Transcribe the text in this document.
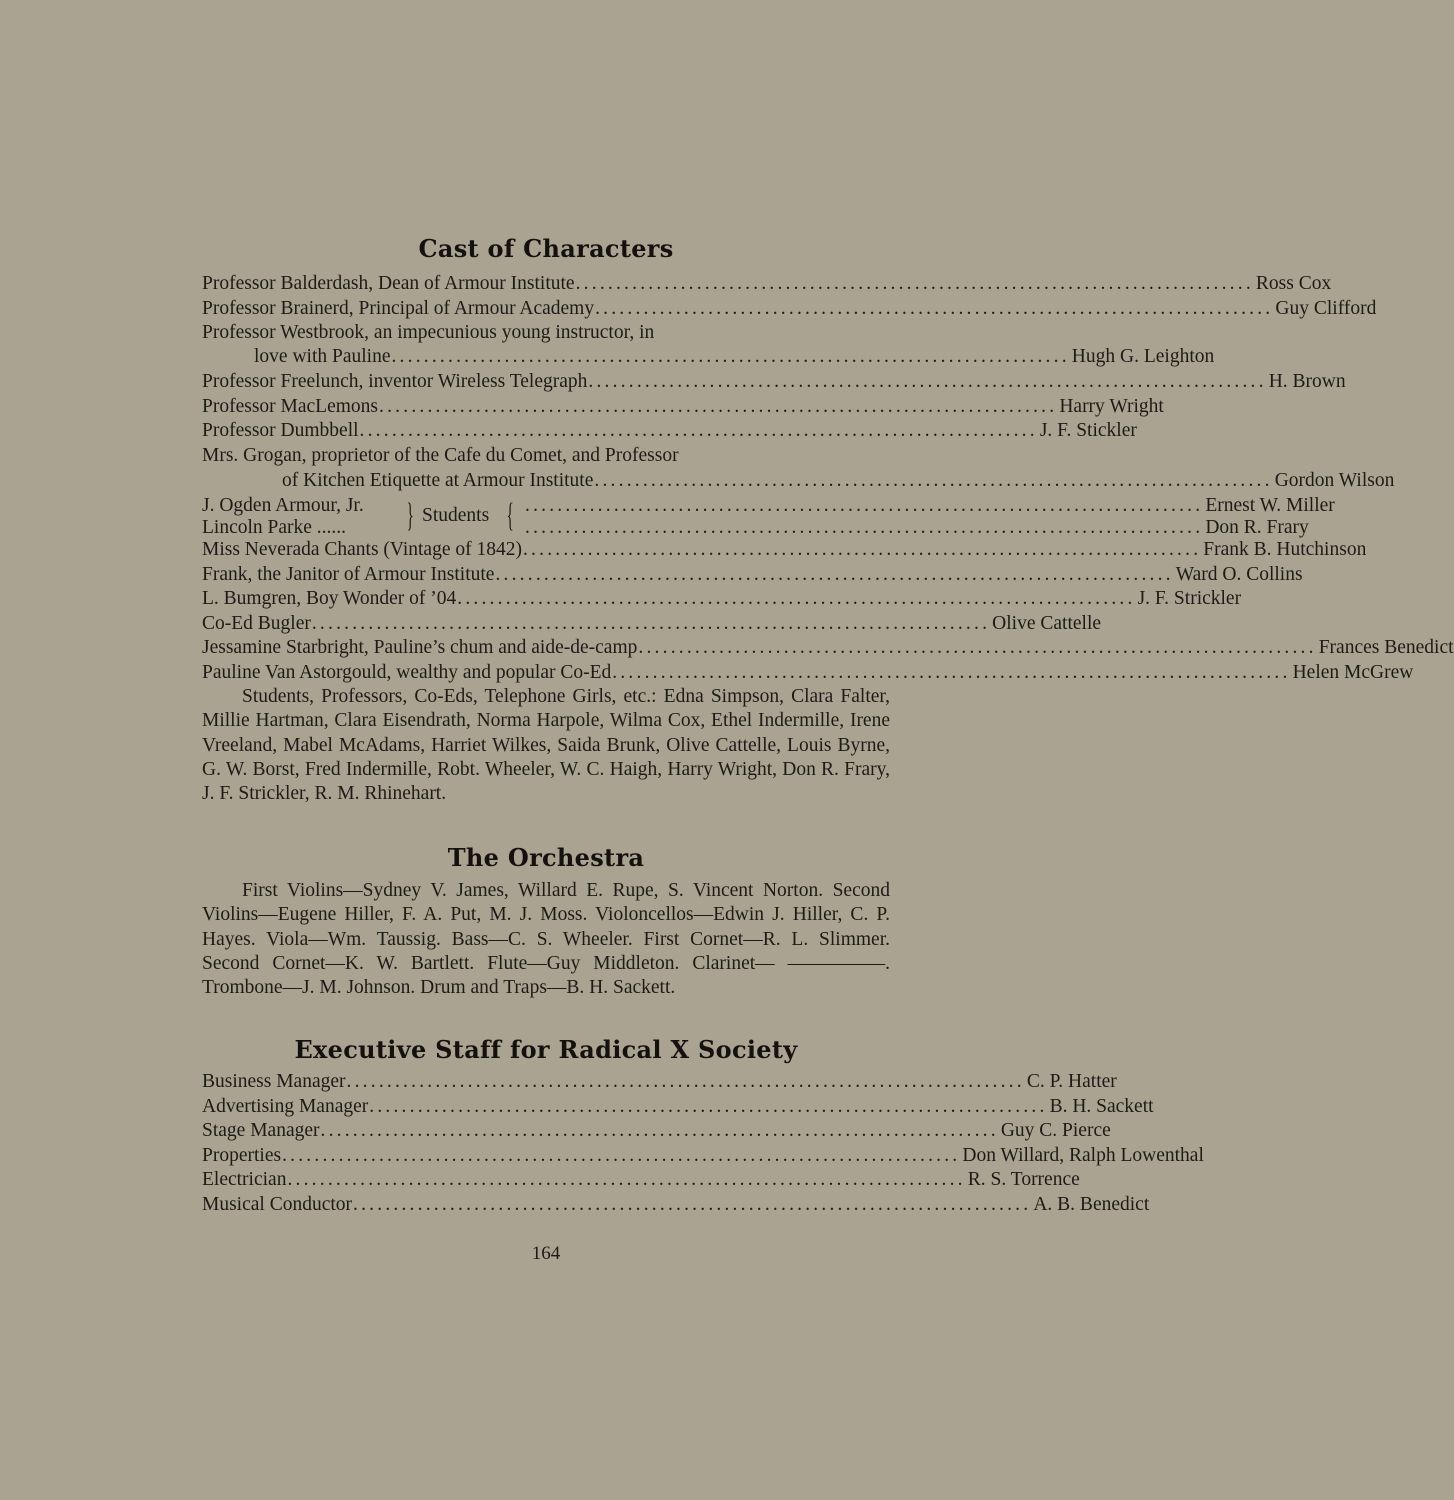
Cast of Characters
Professor Balderdash, Dean of Armour Institute .................................................................................... Ross Cox
Professor Brainerd, Principal of Armour Academy .................................................................................... Guy Clifford
Professor Westbrook, an impecunious young instructor, in
love with Pauline .................................................................................... Hugh G. Leighton
Professor Freelunch, inventor Wireless Telegraph .................................................................................... H. Brown
Professor MacLemons .................................................................................... Harry Wright
Professor Dumbbell .................................................................................... J. F. Stickler
Mrs. Grogan, proprietor of the Cafe du Comet, and Professor
of Kitchen Etiquette at Armour Institute .................................................................................... Gordon Wilson
J. Ogden Armour, Jr.
Lincoln Parke ......	} Students { .................................................................................... Ernest W. Miller
.................................................................................... Don R. Frary
Miss Neverada Chants (Vintage of 1842) .................................................................................... Frank B. Hutchinson
Frank, the Janitor of Armour Institute .................................................................................... Ward O. Collins
L. Bumgren, Boy Wonder of ’04 .................................................................................... J. F. Strickler
Co-Ed Bugler .................................................................................... Olive Cattelle
Jessamine Starbright, Pauline’s chum and aide-de-camp .................................................................................... Frances Benedict
Pauline Van Astorgould, wealthy and popular Co-Ed .................................................................................... Helen McGrew
Students, Professors, Co-Eds, Telephone Girls, etc.: Edna Simpson, Clara Falter, Millie Hartman, Clara Eisendrath, Norma Harpole, Wilma Cox, Ethel Indermille, Irene Vreeland, Mabel McAdams, Harriet Wilkes, Saida Brunk, Olive Cattelle, Louis Byrne, G. W. Borst, Fred Indermille, Robt. Wheeler, W. C. Haigh, Harry Wright, Don R. Frary, J. F. Strickler, R. M. Rhinehart.
The Orchestra
First Violins—Sydney V. James, Willard E. Rupe, S. Vincent Norton. Second Violins—Eugene Hiller, F. A. Put, M. J. Moss. Violoncellos—Edwin J. Hiller, C. P. Hayes. Viola—Wm. Taussig. Bass—C. S. Wheeler. First Cornet—R. L. Slimmer. Second Cornet—K. W. Bartlett. Flute—Guy Middleton. Clarinet— —————. Trombone—J. M. Johnson. Drum and Traps—B. H. Sackett.
Executive Staff for Radical X Society
Business Manager .................................................................................... C. P. Hatter
Advertising Manager .................................................................................... B. H. Sackett
Stage Manager .................................................................................... Guy C. Pierce
Properties .................................................................................... Don Willard, Ralph Lowenthal
Electrician .................................................................................... R. S. Torrence
Musical Conductor .................................................................................... A. B. Benedict
164
